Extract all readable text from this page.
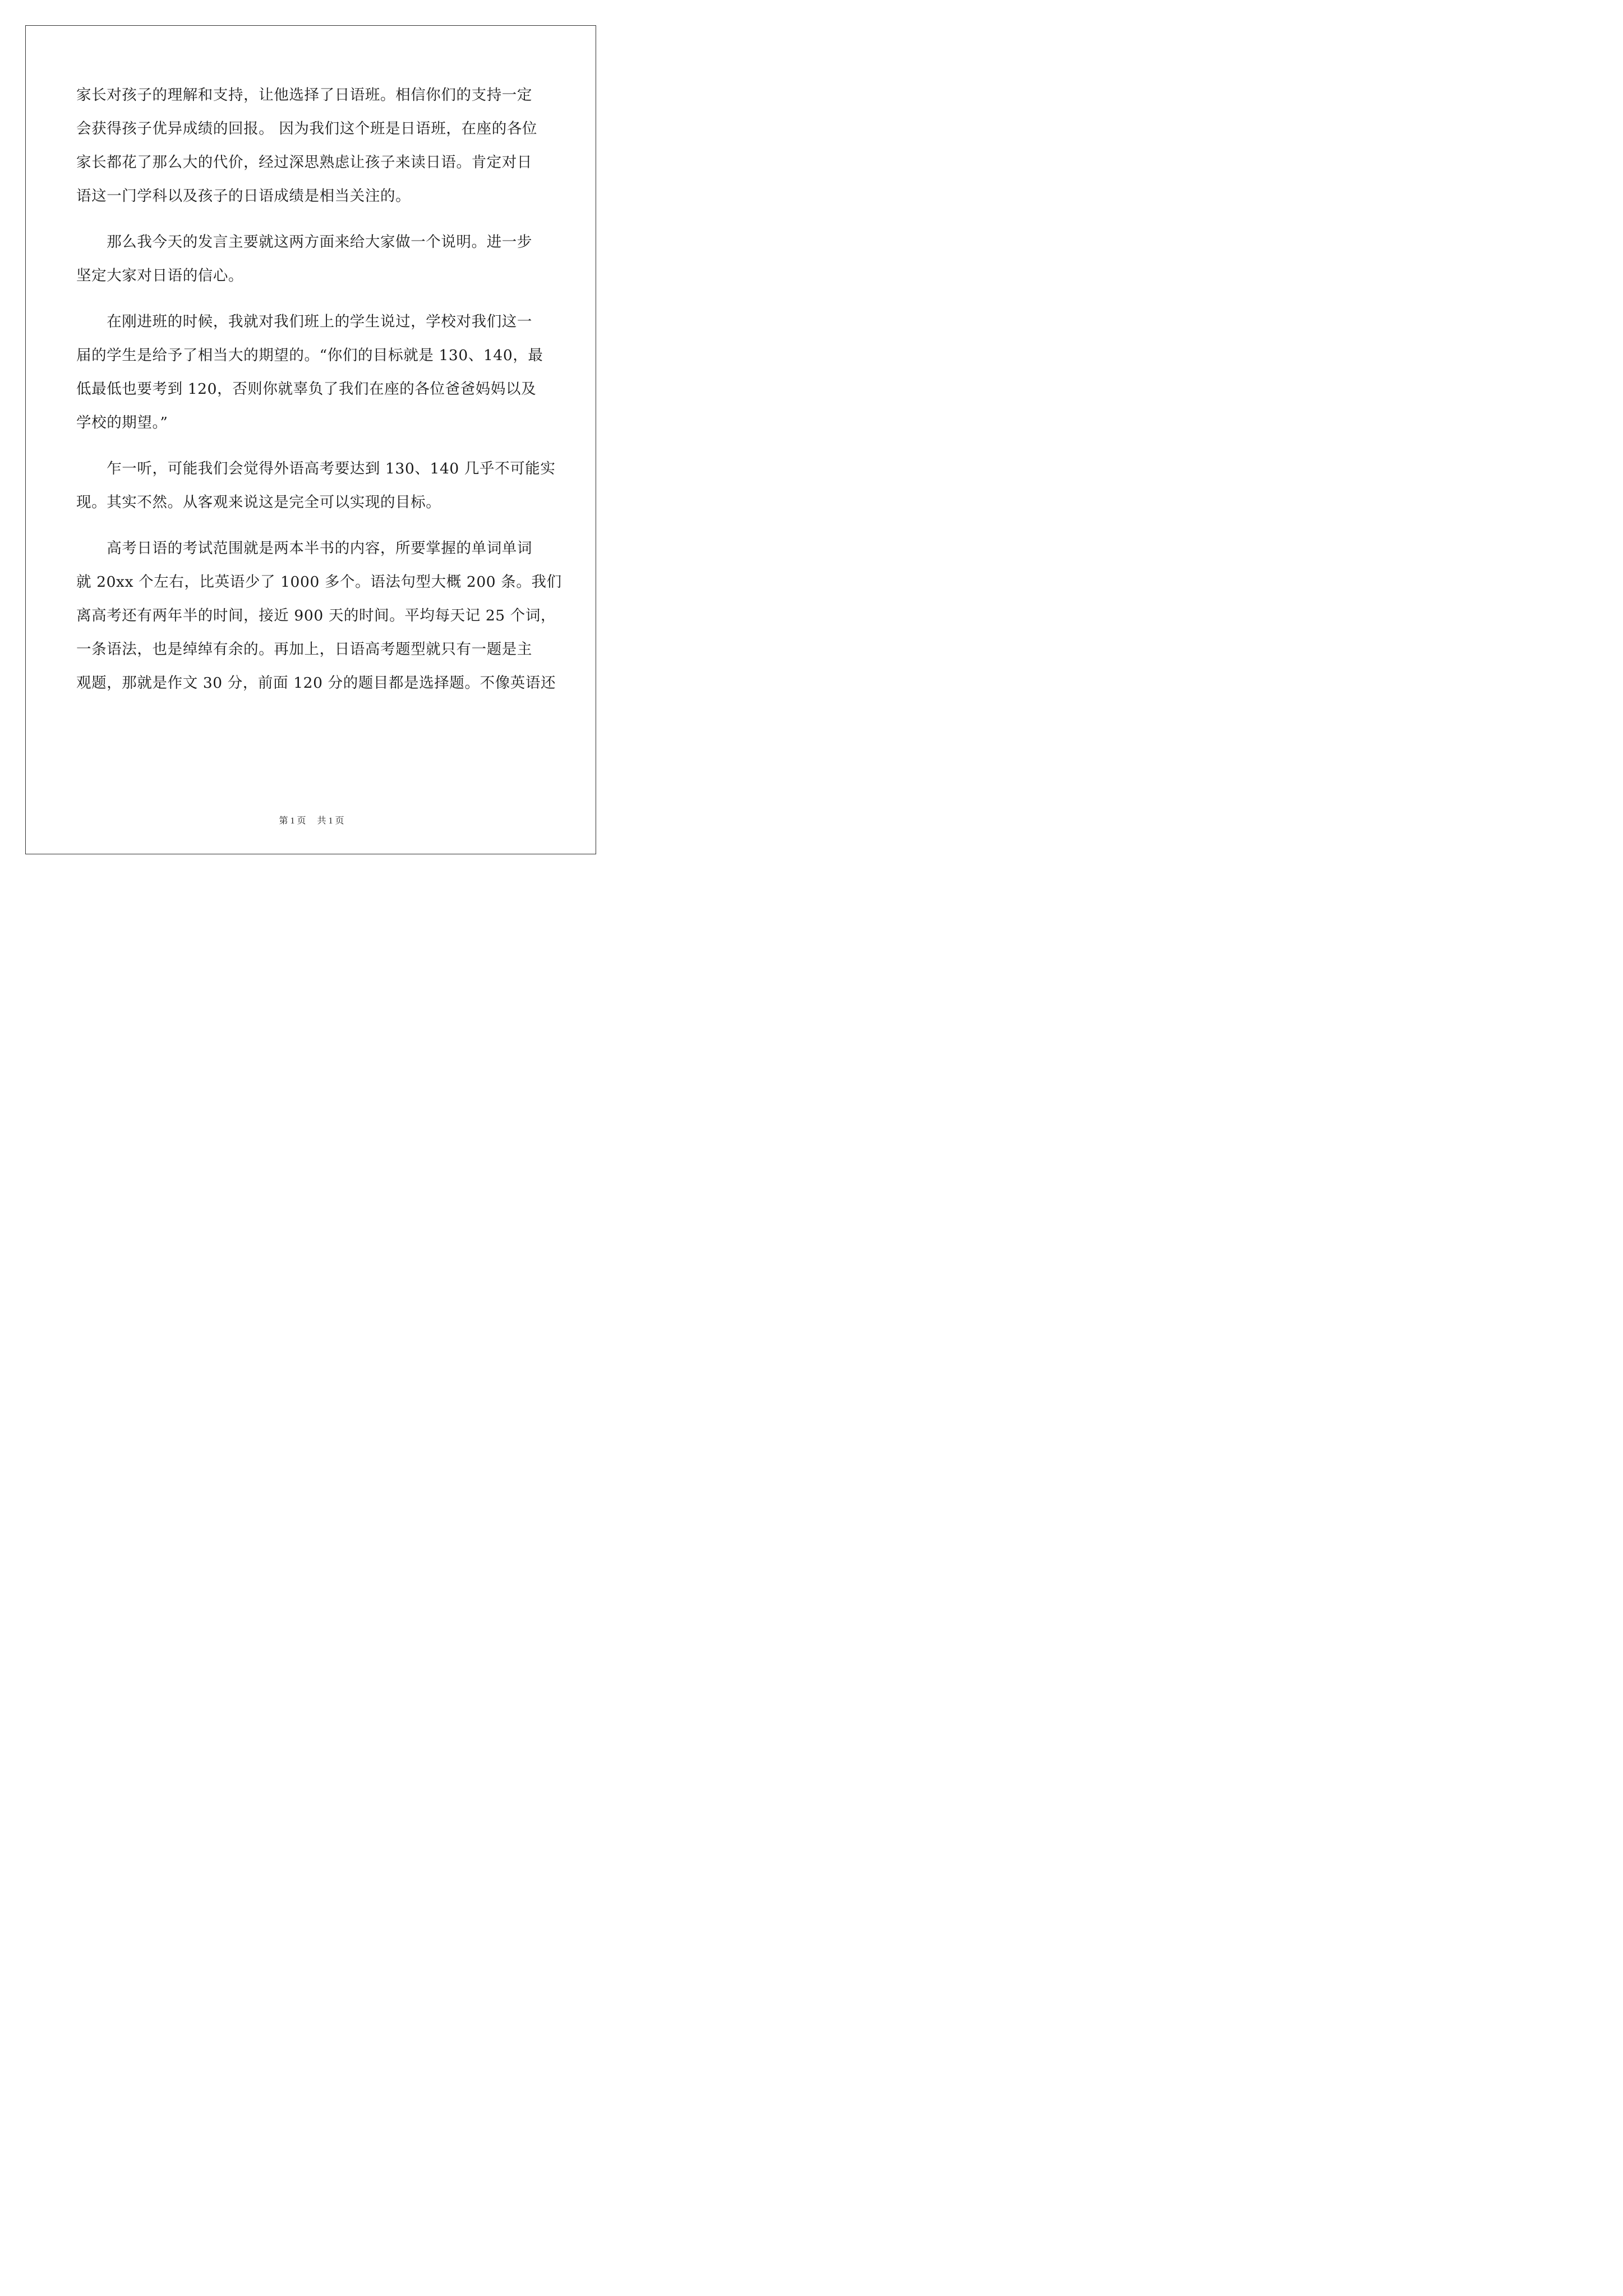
家长对孩子的理解和支持，让他选择了日语班。相信你们的支持一定
会获得孩子优异成绩的回报。 因为我们这个班是日语班，在座的各位
家长都花了那么大的代价，经过深思熟虑让孩子来读日语。肯定对日
语这一门学科以及孩子的日语成绩是相当关注的。
　　那么我今天的发言主要就这两方面来给大家做一个说明。进一步
坚定大家对日语的信心。
　　在刚进班的时候，我就对我们班上的学生说过，学校对我们这一
届的学生是给予了相当大的期望的。“你们的目标就是 130、140，最
低最低也要考到 120，否则你就辜负了我们在座的各位爸爸妈妈以及
学校的期望。”
　　乍一听，可能我们会觉得外语高考要达到 130、140 几乎不可能实
现。其实不然。从客观来说这是完全可以实现的目标。
　　高考日语的考试范围就是两本半书的内容，所要掌握的单词单词
就 20xx 个左右，比英语少了 1000 多个。语法句型大概 200 条。我们
离高考还有两年半的时间，接近 900 天的时间。平均每天记 25 个词，
一条语法，也是绰绰有余的。再加上，日语高考题型就只有一题是主
观题，那就是作文 30 分，前面 120 分的题目都是选择题。不像英语还
第 1 页 共 1 页
